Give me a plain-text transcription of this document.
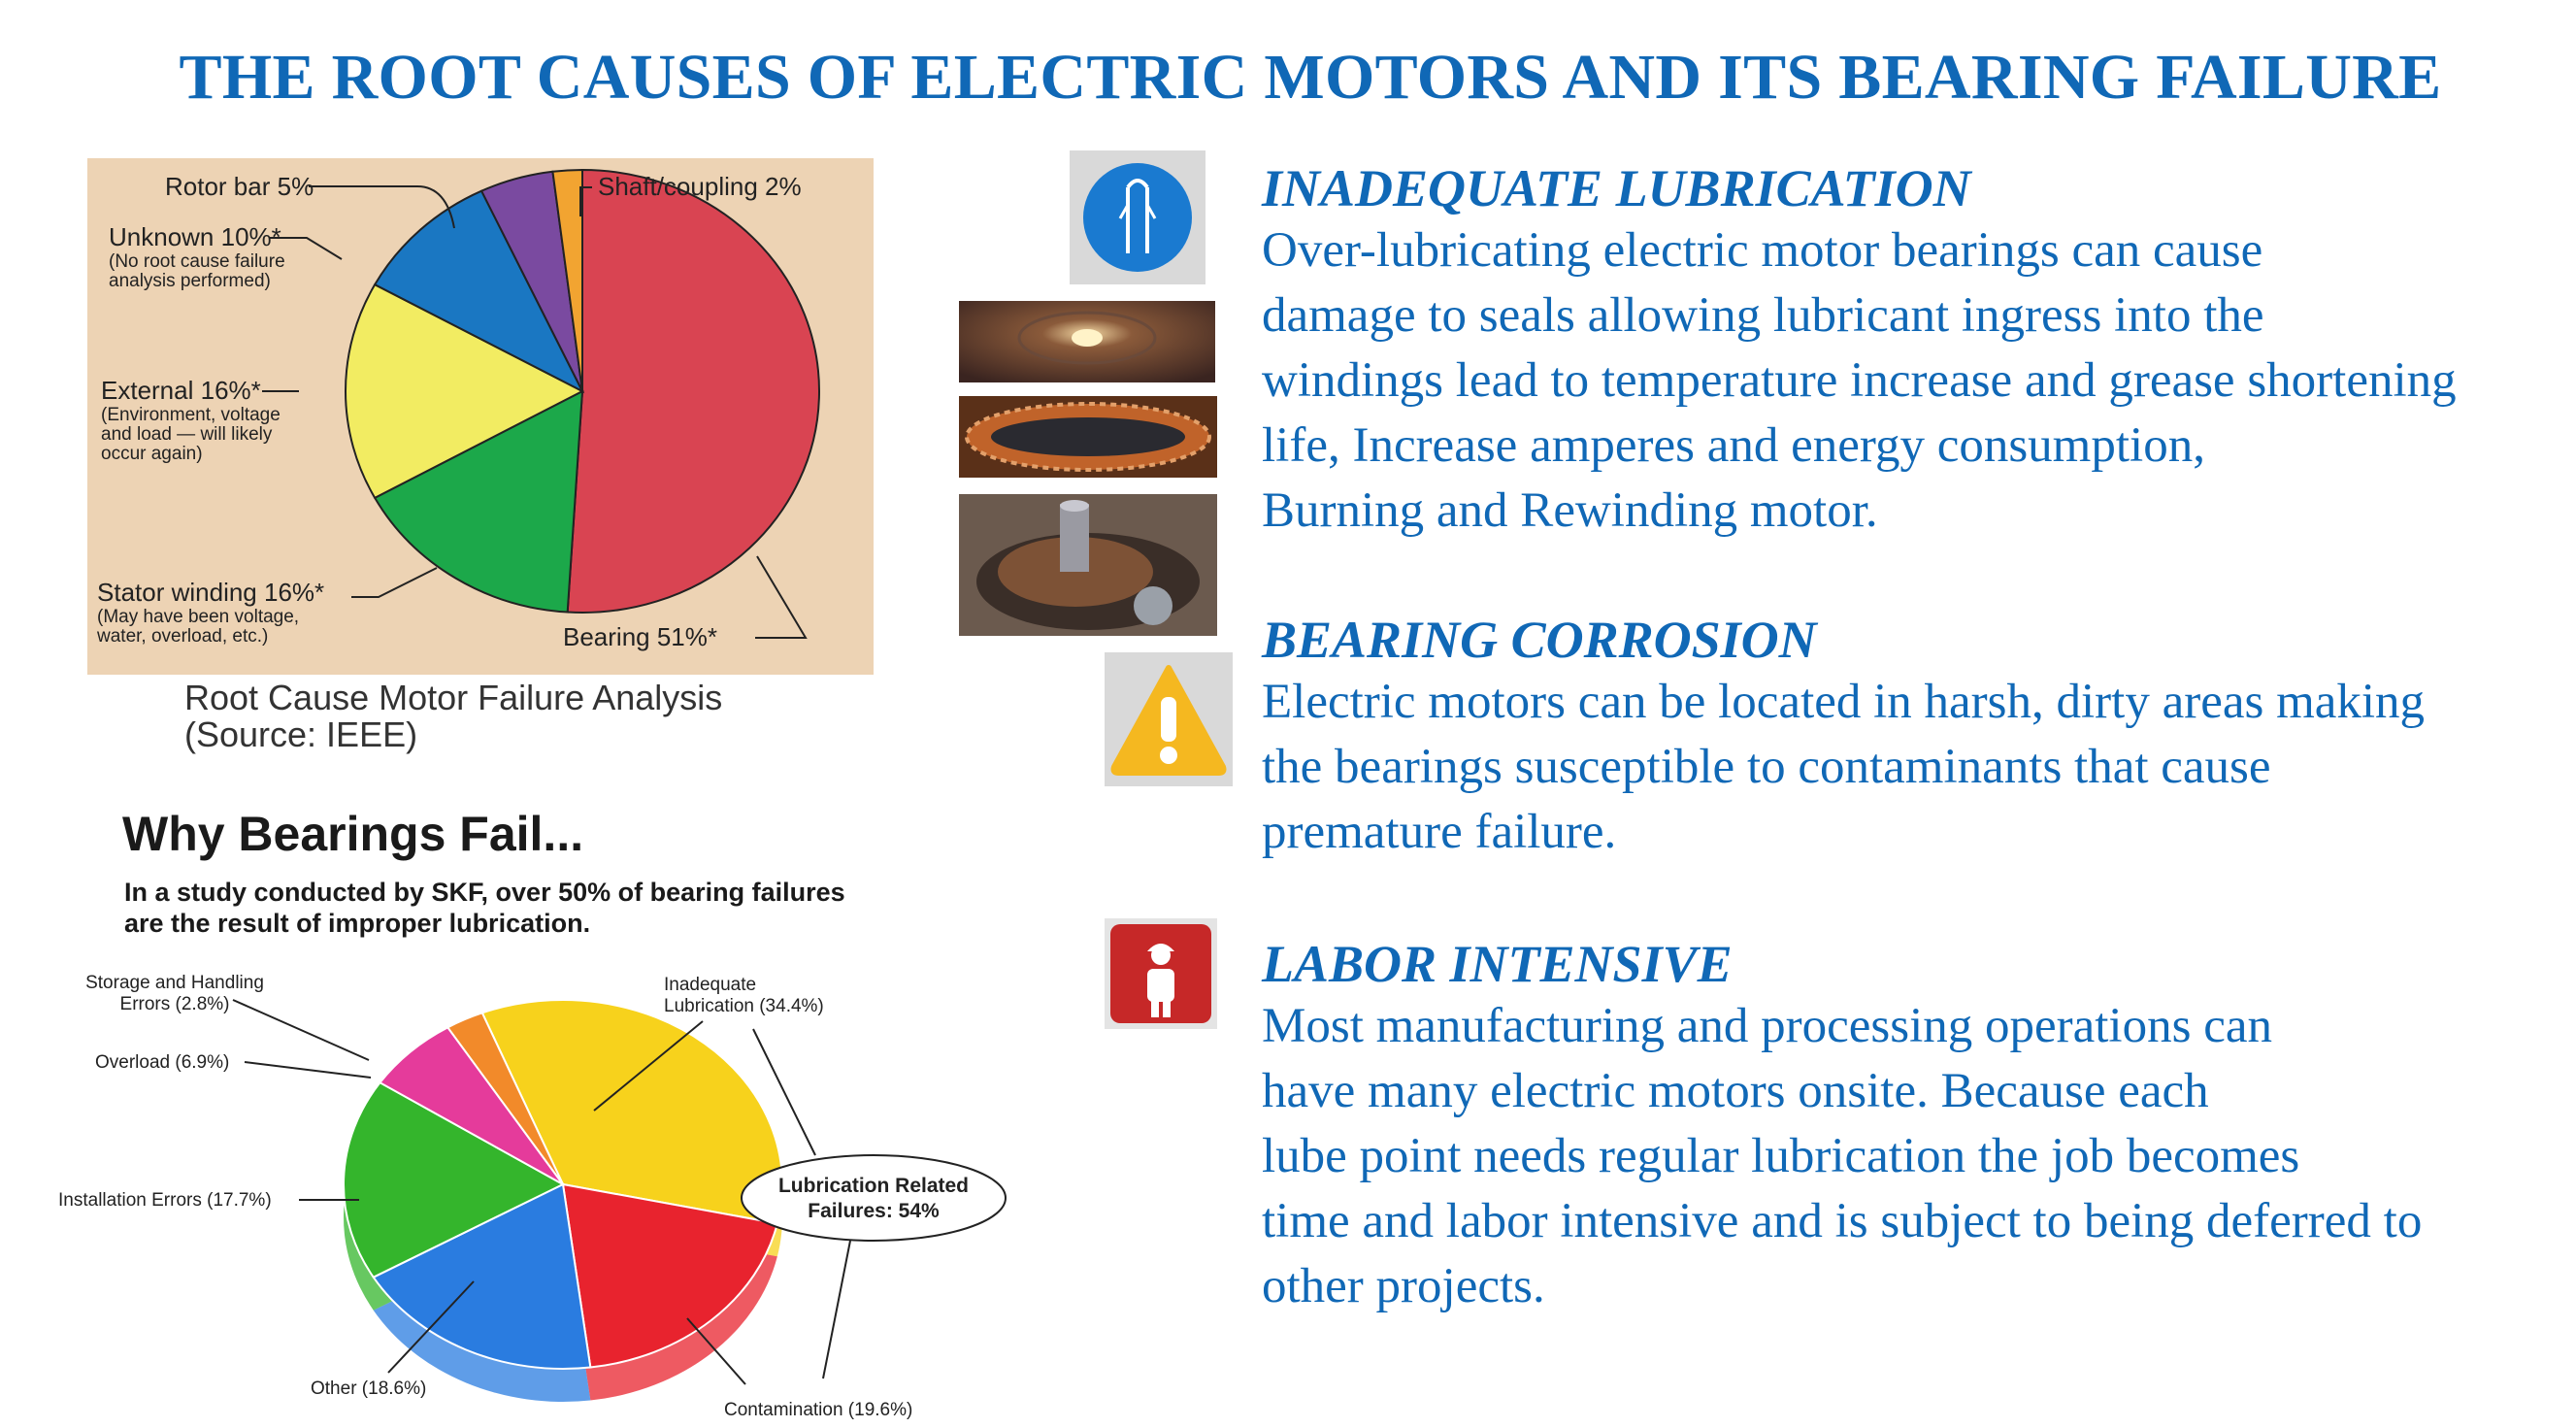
THE ROOT CAUSES OF ELECTRIC MOTORS AND ITS BEARING FAILURE
Rotor bar 5%	Shaft/coupling 2%
Unknown 10%*
(No root cause failure
analysis performed)
External 16%*
(Environment, voltage
and load — will likely
occur again)
Stator winding 16%*
(May have been voltage,
water, overload, etc.)	Bearing 51%*
Root Cause Motor Failure Analysis
(Source: IEEE)
Why Bearings Fail...
In a study conducted by SKF, over 50% of bearing failures
are the result of improper lubrication.
Storage and Handling
Errors (2.8%)
Overload (6.9%)
Installation Errors (17.7%)
Other (18.6%)
Contamination (19.6%)
Inadequate
Lubrication (34.4%)
Lubrication Related
Failures: 54%
INADEQUATE LUBRICATION
Over-lubricating electric motor bearings can cause
damage to seals allowing lubricant ingress into the
windings lead to temperature increase and grease shortening
life, Increase amperes and energy consumption,
Burning and Rewinding motor.
BEARING CORROSION
Electric motors can be located in harsh, dirty areas making
the bearings susceptible to contaminants that cause
premature failure.
LABOR INTENSIVE
Most manufacturing and processing operations can
have many electric motors onsite. Because each
lube point needs regular lubrication the job becomes
time and labor intensive and is subject to being deferred to
other projects.
